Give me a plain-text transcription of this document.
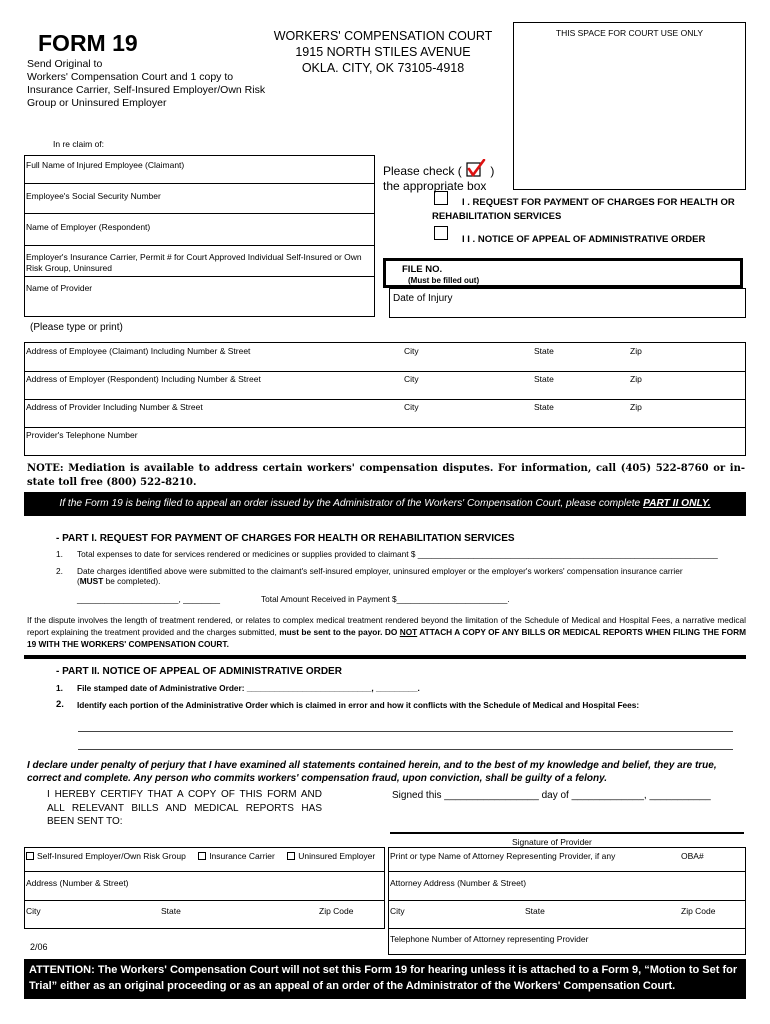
FORM 19
Send Original to
Workers' Compensation Court and 1 copy to
Insurance Carrier, Self-Insured Employer/Own Risk
Group or Uninsured Employer
WORKERS' COMPENSATION COURT
1915 NORTH STILES AVENUE
OKLA. CITY, OK 73105-4918
THIS SPACE FOR COURT USE ONLY
In re claim of:
Full Name of Injured Employee (Claimant)
Employee's Social Security Number
Name of Employer (Respondent)
Employer's Insurance Carrier, Permit # for Court Approved Individual Self-Insured or Own Risk Group, Uninsured
Name of Provider
Please check ( )
the appropriate box
I . REQUEST FOR PAYMENT OF CHARGES FOR HEALTH OR REHABILITATION SERVICES
I I . NOTICE OF APPEAL OF ADMINISTRATIVE ORDER
FILE NO.
(Must be filled out)
Date of Injury
(Please type or print)
Address of Employee (Claimant) Including Number & Street	City	State	Zip
Address of Employer (Respondent) Including Number & Street	City	State	Zip
Address of Provider Including Number & Street	City	State	Zip
Provider's Telephone Number
NOTE: Mediation is available to address certain workers' compensation disputes. For information, call (405) 522-8760 or in-state toll free (800) 522-8210.
If the Form 19 is being filed to appeal an order issued by the Administrator of the Workers' Compensation Court, please complete PART II ONLY.
- PART I. REQUEST FOR PAYMENT OF CHARGES FOR HEALTH OR REHABILITATION SERVICES
1. Total expenses to date for services rendered or medicines or supplies provided to claimant $ _________________________________________________________________
2. Date charges identified above were submitted to the claimant's self-insured employer, uninsured employer or the employer's workers' compensation insurance carrier
(MUST be completed).
______________________, ________	Total Amount Received in Payment $________________________.
If the dispute involves the length of treatment rendered, or relates to complex medical treatment rendered beyond the limitation of the Schedule of Medical and Hospital Fees, a narrative medical report explaining the treatment provided and the charges submitted, must be sent to the payor. DO NOT ATTACH A COPY OF ANY BILLS OR MEDICAL REPORTS WHEN FILING THE FORM 19 WITH THE WORKERS' COMPENSATION COURT.
- PART II. NOTICE OF APPEAL OF ADMINISTRATIVE ORDER
1. File stamped date of Administrative Order: ___________________________, _________.
2. Identify each portion of the Administrative Order which is claimed in error and how it conflicts with the Schedule of Medical and Hospital Fees:
I declare under penalty of perjury that I have examined all statements contained herein, and to the best of my knowledge and belief, they are true, correct and complete. Any person who commits workers' compensation fraud, upon conviction, shall be guilty of a felony.
I HEREBY CERTIFY THAT A COPY OF THIS FORM AND ALL RELEVANT BILLS AND MEDICAL REPORTS HAS BEEN SENT TO:
Signed this _________________ day of _____________, ___________
Signature of Provider
Self-Insured Employer/Own Risk Group	Insurance Carrier	Uninsured Employer
Address (Number & Street)
City	State	Zip Code
Print or type Name of Attorney Representing Provider, if any	OBA#
Attorney Address (Number & Street)
City	State	Zip Code
Telephone Number of Attorney representing Provider
2/06
ATTENTION: The Workers' Compensation Court will not set this Form 19 for hearing unless it is attached to a Form 9, “Motion to Set for Trial” either as an original proceeding or as an appeal of an order of the Administrator of the Workers' Compensation Court.
